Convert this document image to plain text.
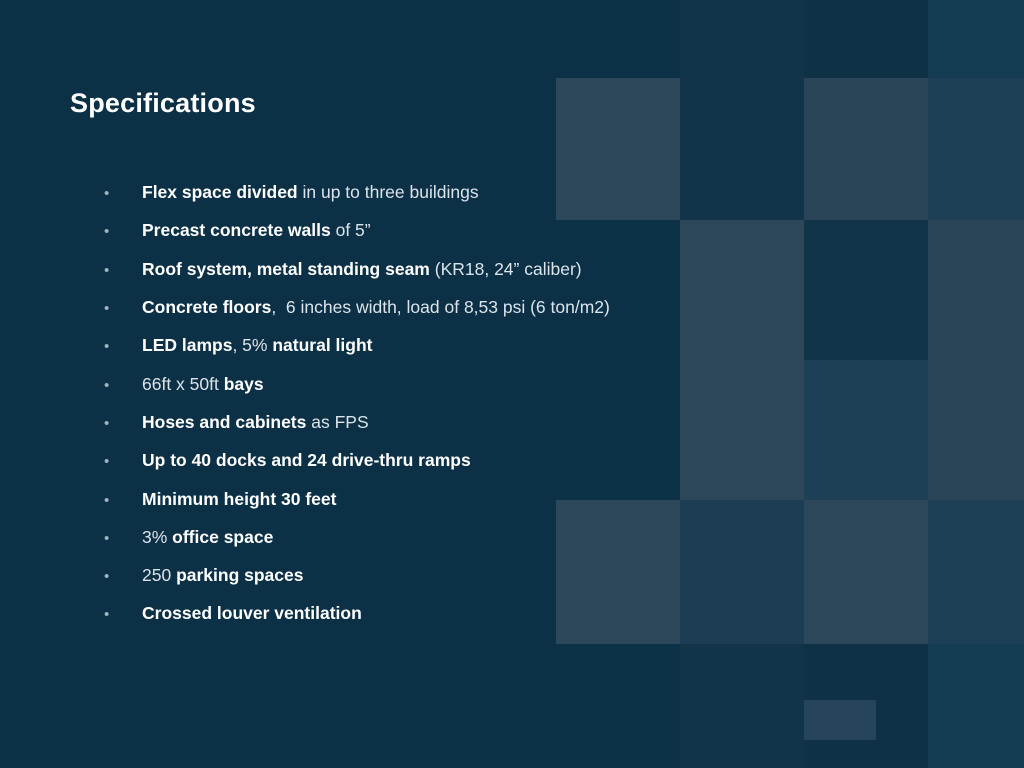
Specifications
•	Flex space divided in up to three buildings
•	Precast concrete walls of 5”
•	Roof system, metal standing seam (KR18, 24” caliber)
•	Concrete floors,  6 inches width, load of 8,53 psi (6 ton/m2)
•	LED lamps, 5% natural light
•	66ft x 50ft bays
•	Hoses and cabinets as FPS
•	Up to 40 docks and 24 drive-thru ramps
•	Minimum height 30 feet
•	3% office space
•	250 parking spaces
•	Crossed louver ventilation
